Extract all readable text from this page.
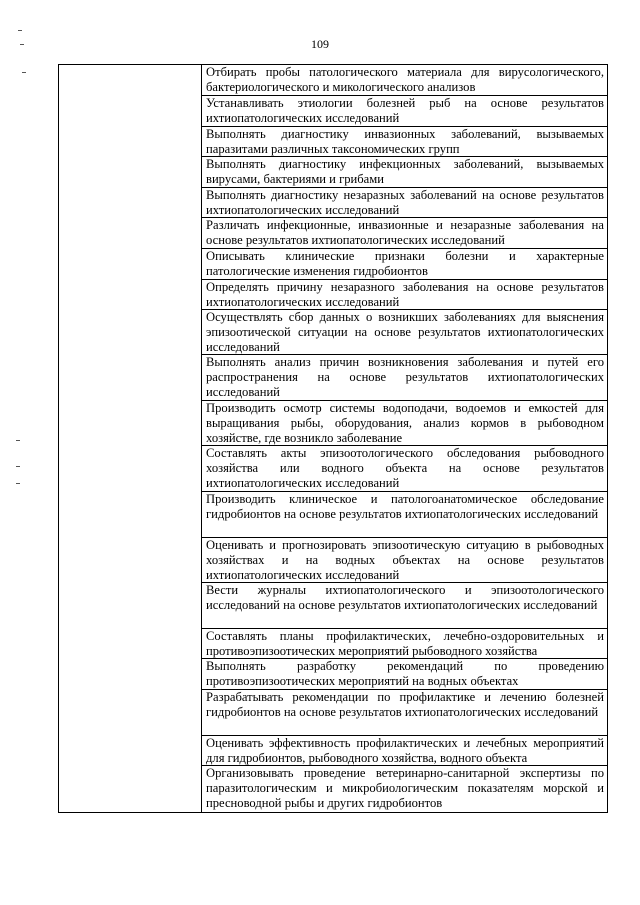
109

Отбирать пробы патологического материала для вирусологического, бактериологического и микологического анализов
Устанавливать этиологии болезней рыб на основе результатов ихтиопатологических исследований
Выполнять диагностику инвазионных заболеваний, вызываемых паразитами различных таксономических групп
Выполнять диагностику инфекционных заболеваний, вызываемых вирусами, бактериями и грибами
Выполнять диагностику незаразных заболеваний на основе результатов ихтиопатологических исследований
Различать инфекционные, инвазионные и незаразные заболевания на основе результатов ихтиопатологических исследований
Описывать клинические признаки болезни и характерные патологические изменения гидробионтов
Определять причину незаразного заболевания на основе результатов ихтиопатологических исследований
Осуществлять сбор данных о возникших заболеваниях для выяснения эпизоотической ситуации на основе результатов ихтиопатологических исследований
Выполнять анализ причин возникновения заболевания и путей его распространения на основе результатов ихтиопатологических исследований
Производить осмотр системы водоподачи, водоемов и емкостей для выращивания рыбы, оборудования, анализ кормов в рыбоводном хозяйстве, где возникло заболевание
Составлять акты эпизоотологического обследования рыбоводного хозяйства или водного объекта на основе результатов ихтиопатологических исследований
Производить клиническое и патологоанатомическое обследование гидробионтов на основе результатов ихтиопатологических исследований
Оценивать и прогнозировать эпизоотическую ситуацию в рыбоводных хозяйствах и на водных объектах на основе результатов ихтиопатологических исследований
Вести журналы ихтиопатологического и эпизоотологического исследований на основе результатов ихтиопатологических исследований
Составлять планы профилактических, лечебно-оздоровительных и противоэпизоотических мероприятий рыбоводного хозяйства
Выполнять разработку рекомендаций по проведению противоэпизоотических мероприятий на водных объектах
Разрабатывать рекомендации по профилактике и лечению болезней гидробионтов на основе результатов ихтиопатологических исследований
Оценивать эффективность профилактических и лечебных мероприятий для гидробионтов, рыбоводного хозяйства, водного объекта
Организовывать проведение ветеринарно-санитарной экспертизы по паразитологическим и микробиологическим показателям морской и пресноводной рыбы и других гидробионтов
